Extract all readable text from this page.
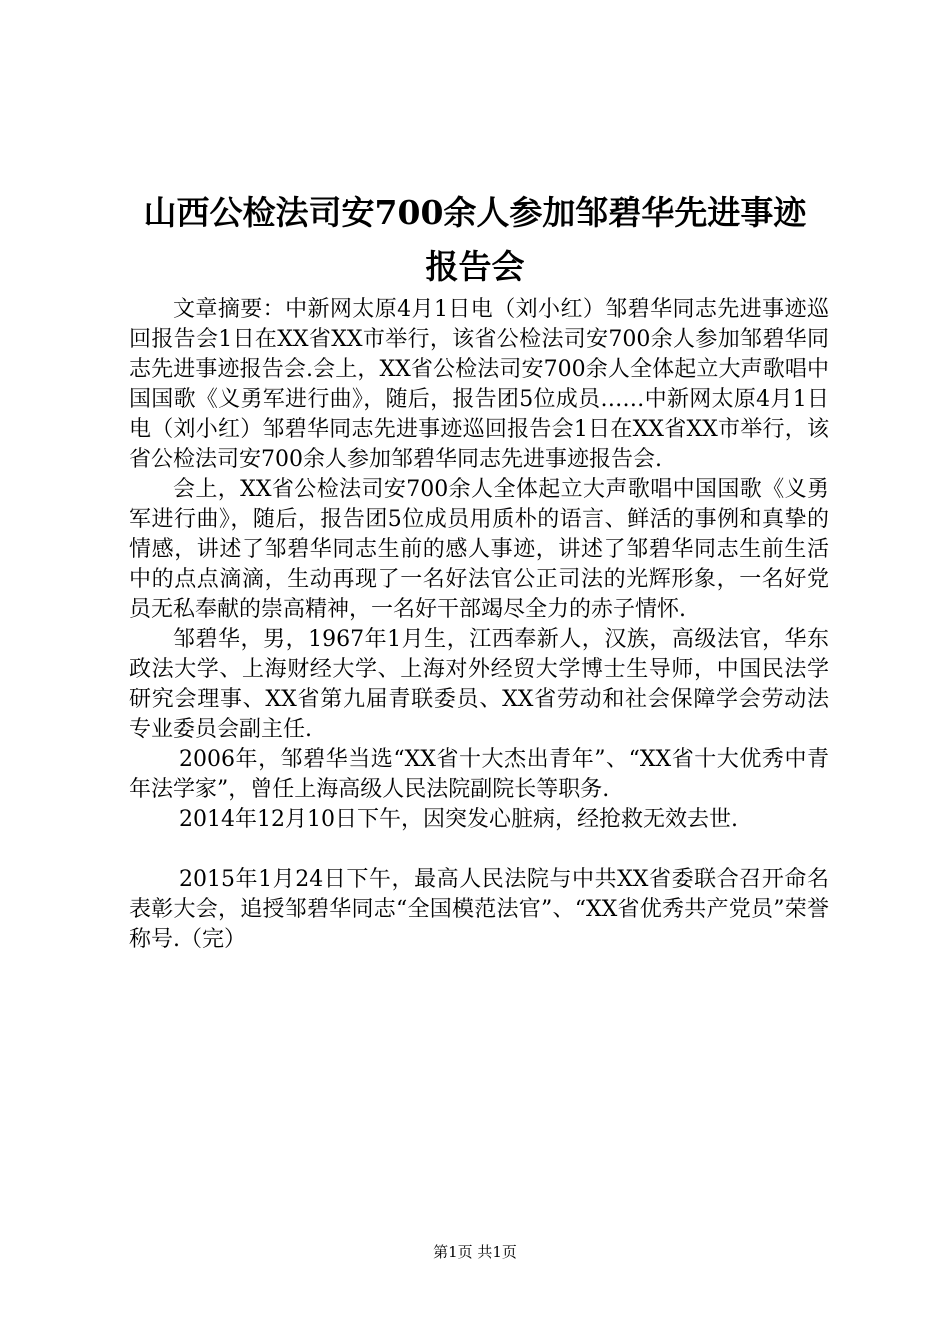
山西公检法司安700余人参加邹碧华先进事迹
报告会

文章摘要：中新网太原4月1日电（刘小红）邹碧华同志先进事迹巡回报告会1日在XX省XX市举行，该省公检法司安700余人参加邹碧华同志先进事迹报告会.会上，XX省公检法司安700余人全体起立大声歌唱中国国歌《义勇军进行曲》，随后，报告团5位成员……中新网太原4月1日电（刘小红）邹碧华同志先进事迹巡回报告会1日在XX省XX市举行，该省公检法司安700余人参加邹碧华同志先进事迹报告会.

会上，XX省公检法司安700余人全体起立大声歌唱中国国歌《义勇军进行曲》，随后，报告团5位成员用质朴的语言、鲜活的事例和真挚的情感，讲述了邹碧华同志生前的感人事迹，讲述了邹碧华同志生前生活中的点点滴滴，生动再现了一名好法官公正司法的光辉形象，一名好党员无私奉献的崇高精神，一名好干部竭尽全力的赤子情怀.

邹碧华，男，1967年1月生，江西奉新人，汉族，高级法官，华东政法大学、上海财经大学、上海对外经贸大学博士生导师，中国民法学研究会理事、XX省第九届青联委员、XX省劳动和社会保障学会劳动法专业委员会副主任.

2006年，邹碧华当选“XX省十大杰出青年”、“XX省十大优秀中青年法学家”，曾任上海高级人民法院副院长等职务.

2014年12月10日下午，因突发心脏病，经抢救无效去世.

2015年1月24日下午，最高人民法院与中共XX省委联合召开命名表彰大会，追授邹碧华同志“全国模范法官”、“XX省优秀共产党员”荣誉称号.（完）

第1页 共1页
